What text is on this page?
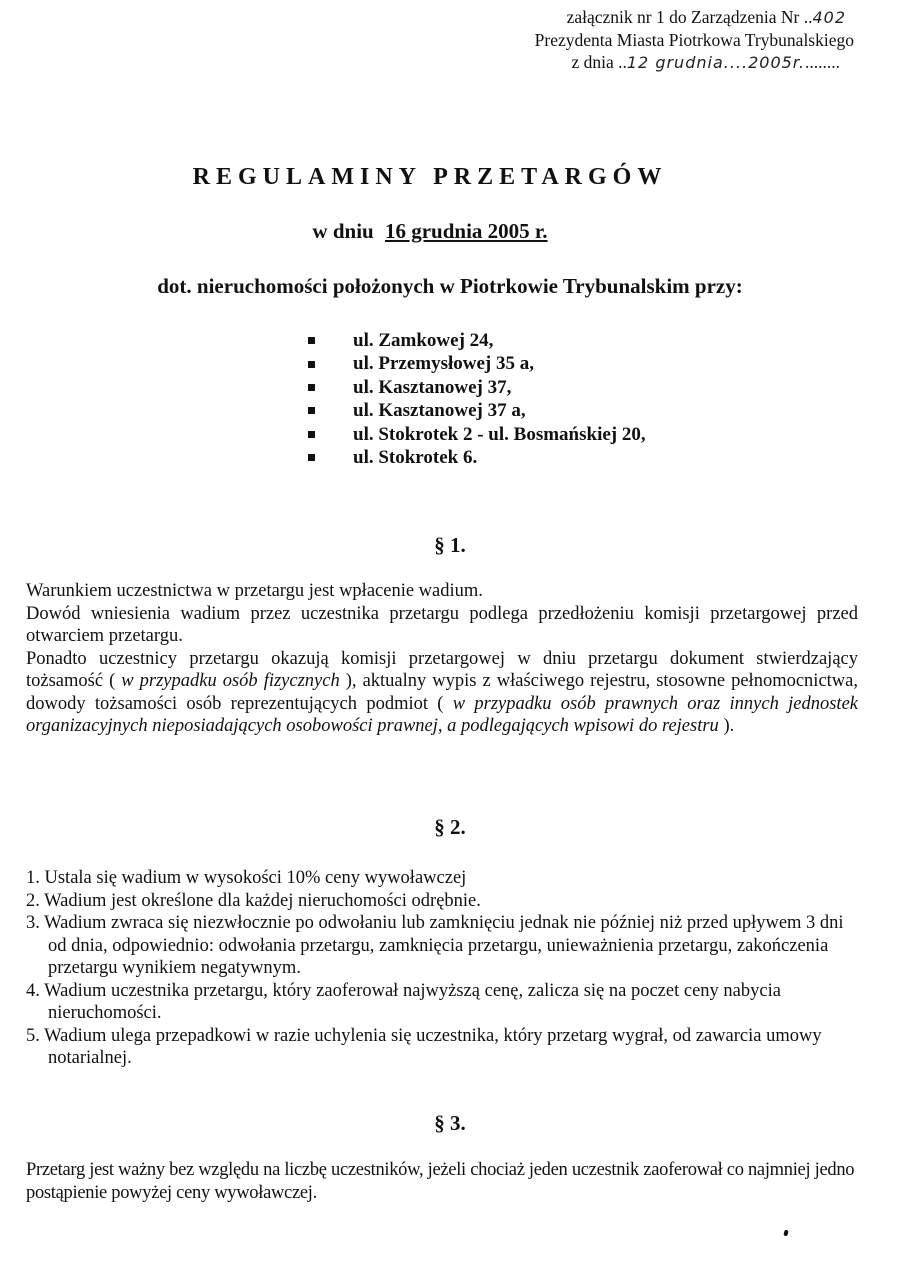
załącznik nr 1 do Zarządzenia Nr ..402
Prezydenta Miasta Piotrkowa Trybunalskiego
z dnia ..12 grudnia....2005r.........
REGULAMINY PRZETARGÓW
w dniu 16 grudnia 2005 r.
dot. nieruchomości położonych w Piotrkowie Trybunalskim przy:
ul. Zamkowej 24,
ul. Przemysłowej 35 a,
ul. Kasztanowej 37,
ul. Kasztanowej 37 a,
ul. Stokrotek 2 - ul. Bosmańskiej 20,
ul. Stokrotek 6.
§ 1.

Warunkiem uczestnictwa w przetargu jest wpłacenie wadium.

Dowód wniesienia wadium przez uczestnika przetargu podlega przedłożeniu komisji przetargowej przed otwarciem przetargu.

Ponadto uczestnicy przetargu okazują komisji przetargowej w dniu przetargu dokument stwierdzający tożsamość ( w przypadku osób fizycznych ), aktualny wypis z właściwego rejestru, stosowne pełnomocnictwa, dowody tożsamości osób reprezentujących podmiot ( w przypadku osób prawnych oraz innych jednostek organizacyjnych nieposiadających osobowości prawnej, a podlegających wpisowi do rejestru ).

§ 2.
1. Ustala się wadium w wysokości 10% ceny wywoławczej
2. Wadium jest określone dla każdej nieruchomości odrębnie.
3. Wadium zwraca się niezwłocznie po odwołaniu lub zamknięciu jednak nie później niż przed upływem 3 dni od dnia, odpowiednio: odwołania przetargu, zamknięcia przetargu, unieważnienia przetargu, zakończenia przetargu wynikiem negatywnym.
4. Wadium uczestnika przetargu, który zaoferował najwyższą cenę, zalicza się na poczet ceny nabycia nieruchomości.
5. Wadium ulega przepadkowi w razie uchylenia się uczestnika, który przetarg wygrał, od zawarcia umowy notarialnej.
§ 3.
Przetarg jest ważny bez względu na liczbę uczestników, jeżeli chociaż jeden uczestnik zaoferował co najmniej jedno postąpienie powyżej ceny wywoławczej.
